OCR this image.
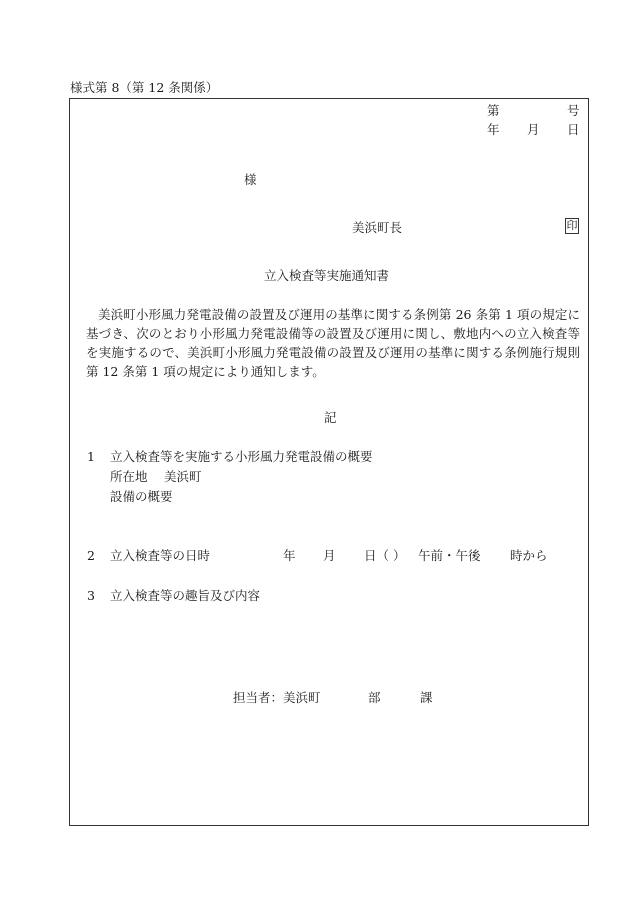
様式第 8（第 12 条関係）
第	号
年 月 日
様
美浜町長	印
立入検査等実施通知書
美浜町小形風力発電設備の設置及び運用の基準に関する条例第 26 条第 1 項の規定に基づき、次のとおり小形風力発電設備等の設置及び運用に関し、敷地内への立入検査等を実施するので、美浜町小形風力発電設備の設置及び運用の基準に関する条例施行規則第 12 条第 1 項の規定により通知します。
記
1 立入検査等を実施する小形風力発電設備の概要
所在地 美浜町
設備の概要
2 立入検査等の日時	年 月 日（ ） 午前・午後 時から
3 立入検査等の趣旨及び内容
担当者：美浜町	部	課
